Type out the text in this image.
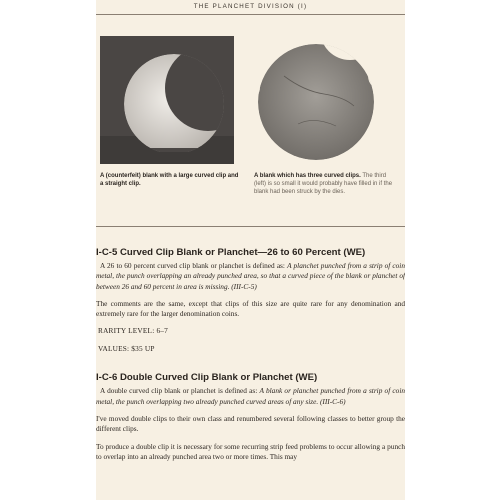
THE PLANCHET DIVISION (I)
A (counterfeit) blank with a large curved clip and a straight clip.
A blank which has three curved clips. The third (left) is so small it would probably have filled in if the blank had been struck by the dies.
I-C-5 Curved Clip Blank or Planchet—26 to 60 Percent (WE)

A 26 to 60 percent curved clip blank or planchet is defined as: A planchet punched from a strip of coin metal, the punch overlapping an already punched area, so that a curved piece of the blank or planchet of between 26 and 60 percent in area is missing. (III-C-5)

The comments are the same, except that clips of this size are quite rare for any denomination and extremely rare for the larger denomination coins.

RARITY LEVEL: 6–7
VALUES: $35 UP
I-C-6 Double Curved Clip Blank or Planchet (WE)

A double curved clip blank or planchet is defined as: A blank or planchet punched from a strip of coin metal, the punch overlapping two already punched curved areas of any size. (III-C-6)

I've moved double clips to their own class and renumbered several following classes to better group the different clips.

To produce a double clip it is necessary for some recurring strip feed problems to occur allowing a punch to overlap into an already punched area two or more times. This may
